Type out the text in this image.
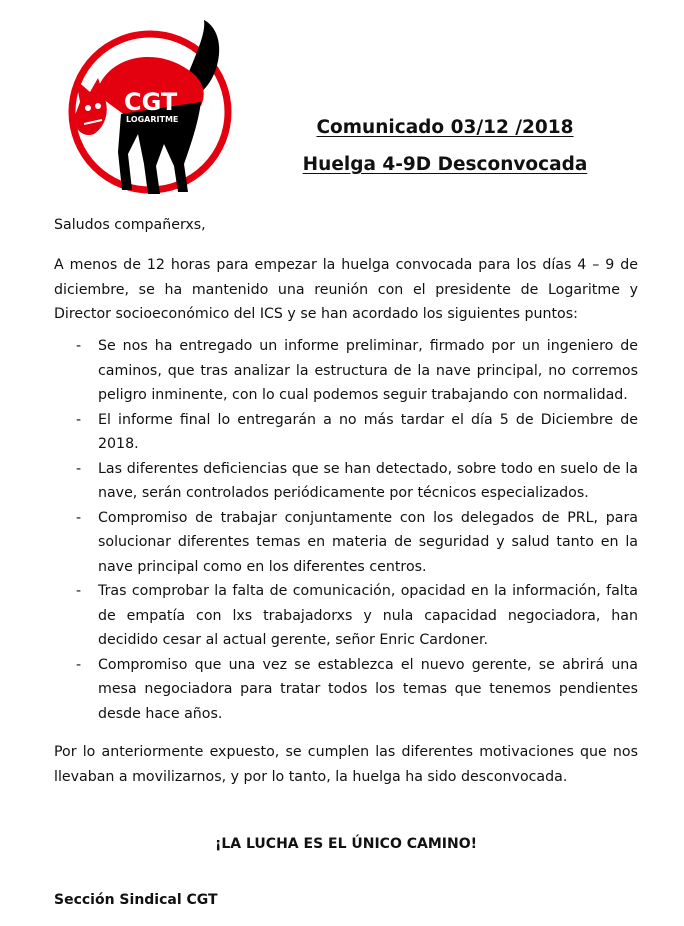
CGT
LOGARITME	Comunicado 03/12 /2018
Huelga 4-9D Desconvocada

Saludos compañerxs,

A menos de 12 horas para empezar la huelga convocada para los días 4 – 9 de diciembre, se ha mantenido una reunión con el presidente de Logaritme y Director socioeconómico del ICS y se han acordado los siguientes puntos:

- Se nos ha entregado un informe preliminar, firmado por un ingeniero de caminos, que tras analizar la estructura de la nave principal, no corremos peligro inminente, con lo cual podemos seguir trabajando con normalidad.
- El informe final lo entregarán a no más tardar el día 5 de Diciembre de 2018.
- Las diferentes deficiencias que se han detectado, sobre todo en suelo de la nave, serán controlados periódicamente por técnicos especializados.
- Compromiso de trabajar conjuntamente con los delegados de PRL, para solucionar diferentes temas en materia de seguridad y salud tanto en la nave principal como en los diferentes centros.
- Tras comprobar la falta de comunicación, opacidad en la información, falta de empatía con lxs trabajadorxs y nula capacidad negociadora, han decidido cesar al actual gerente, señor Enric Cardoner.
- Compromiso que una vez se establezca el nuevo gerente, se abrirá una mesa negociadora para tratar todos los temas que tenemos pendientes desde hace años.

Por lo anteriormente expuesto, se cumplen las diferentes motivaciones que nos llevaban a movilizarnos, y por lo tanto, la huelga ha sido desconvocada.

¡LA LUCHA ES EL ÚNICO CAMINO!
Sección Sindical CGT
